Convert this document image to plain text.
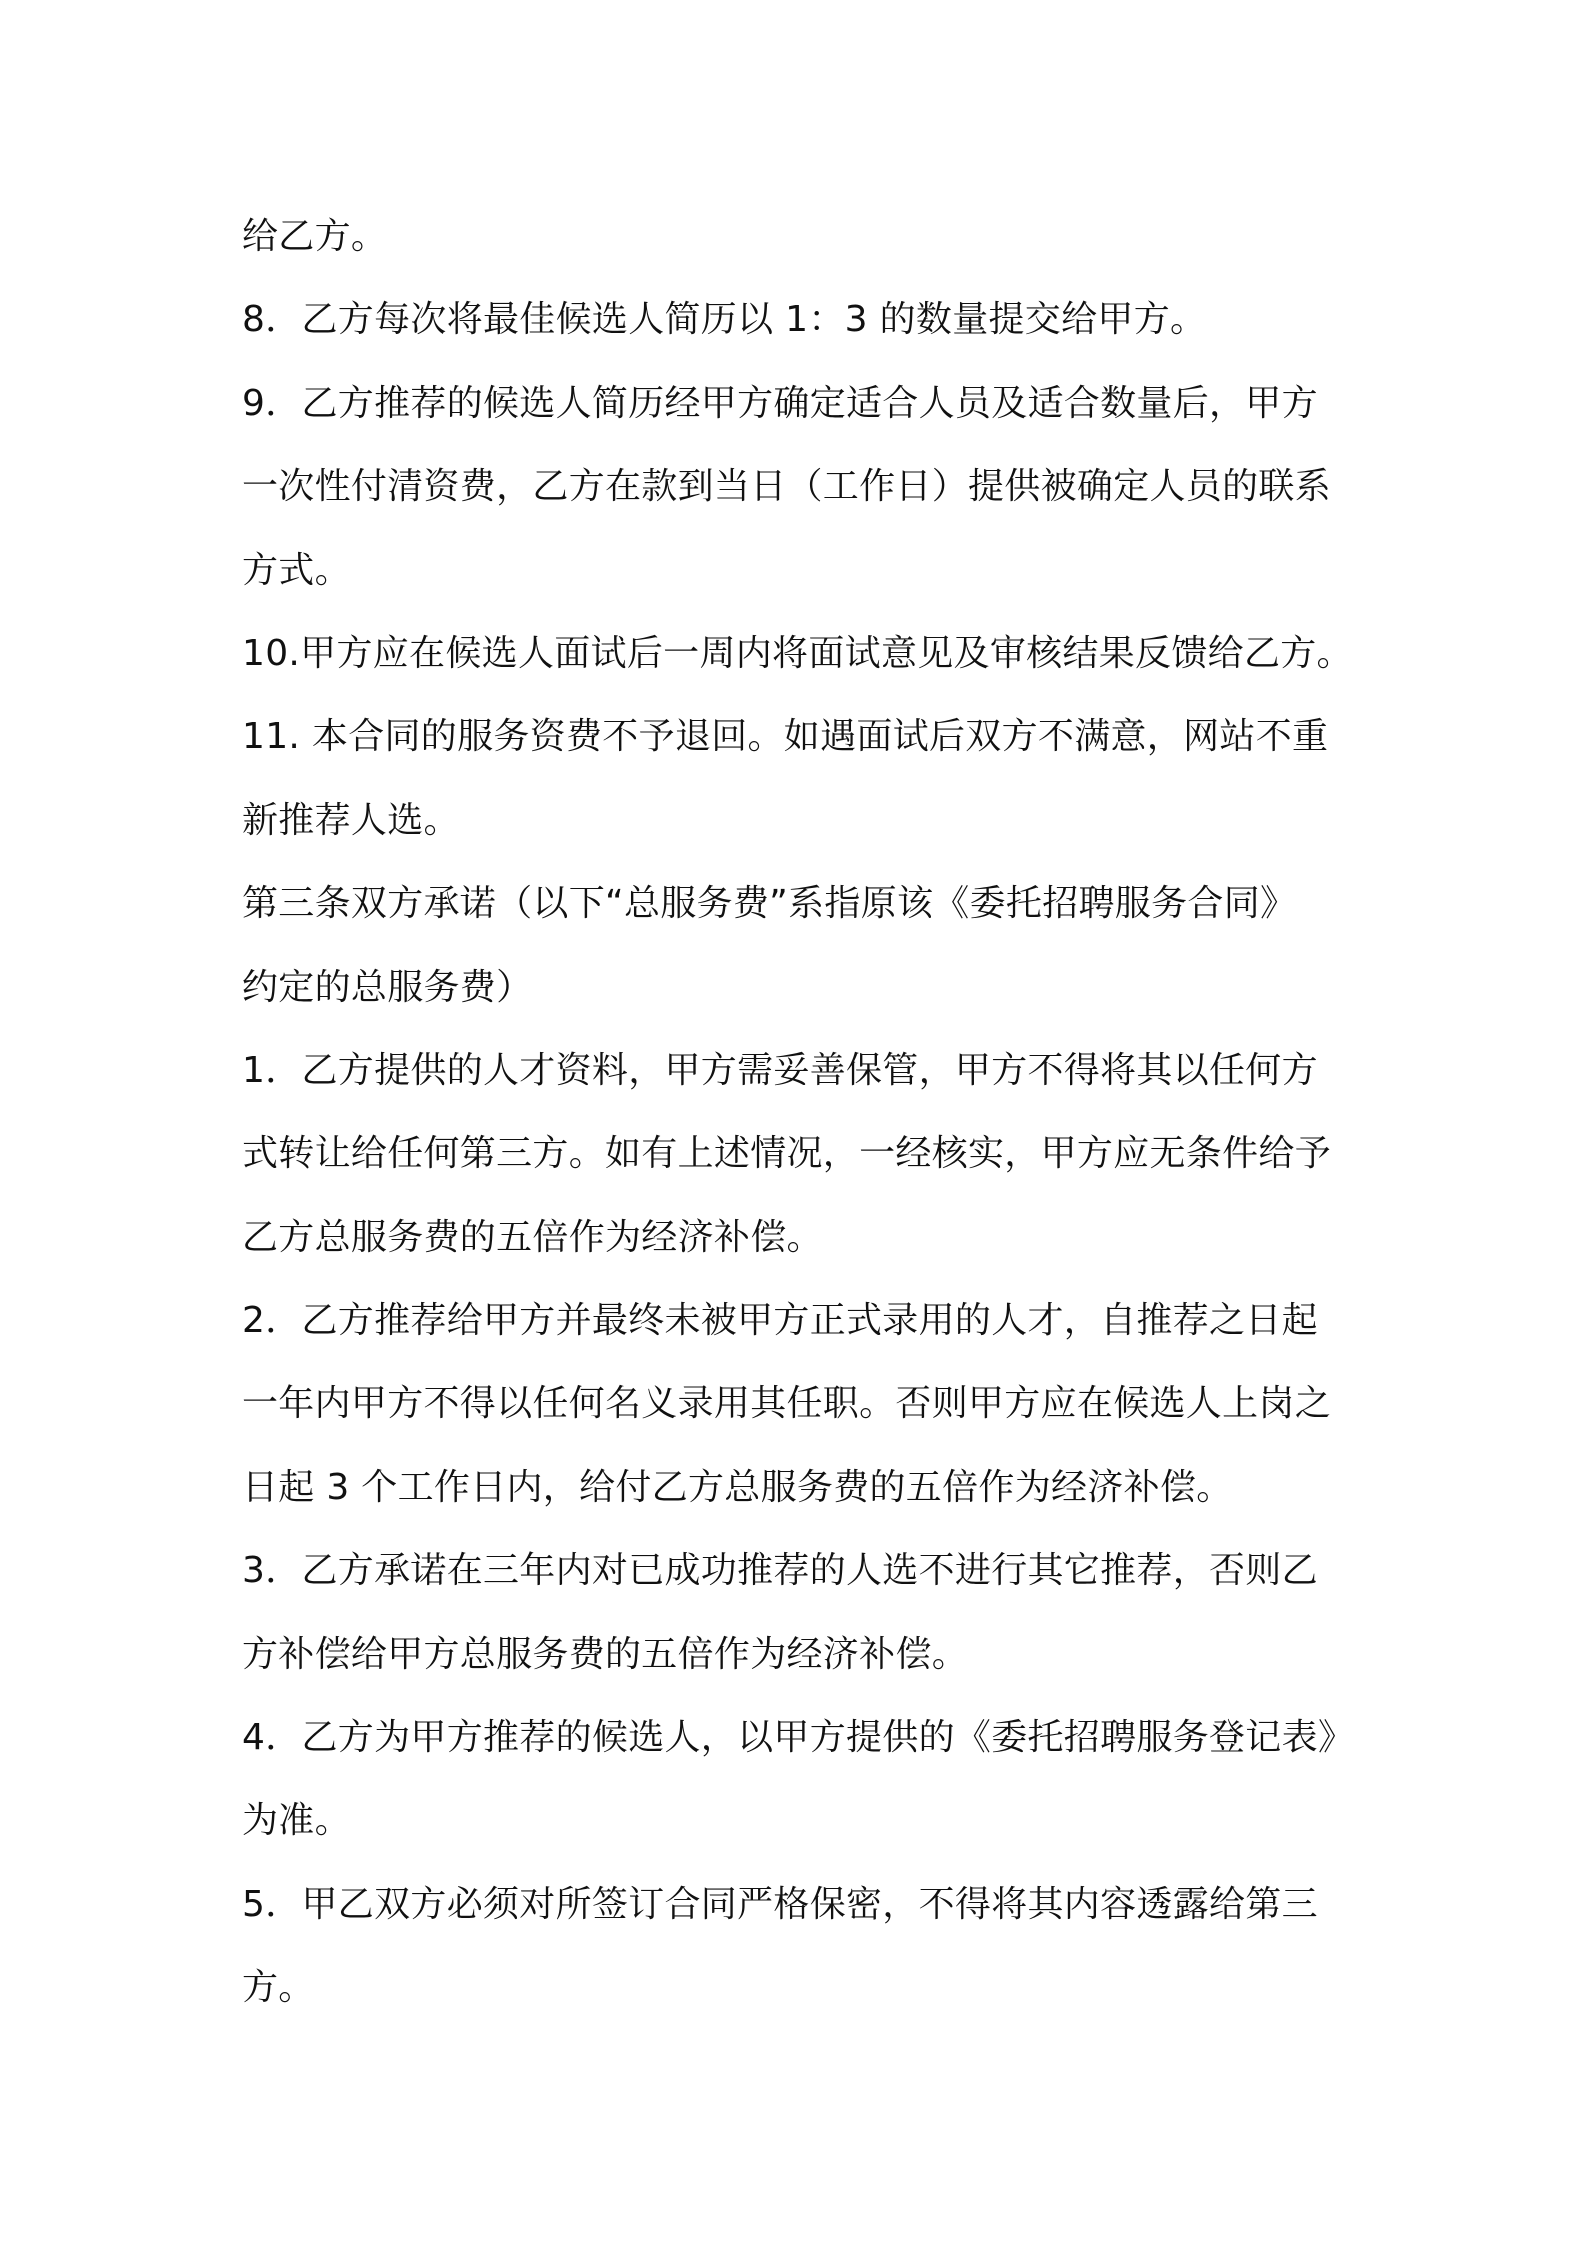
给乙方。
8．乙方每次将最佳候选人简历以 1：3 的数量提交给甲方。
9．乙方推荐的候选人简历经甲方确定适合人员及适合数量后，甲方
一次性付清资费，乙方在款到当日（工作日）提供被确定人员的联系
方式。
10.甲方应在候选人面试后一周内将面试意见及审核结果反馈给乙方。
11. 本合同的服务资费不予退回。如遇面试后双方不满意，网站不重
新推荐人选。
第三条双方承诺（以下“总服务费”系指原该《委托招聘服务合同》
约定的总服务费）
1．乙方提供的人才资料，甲方需妥善保管，甲方不得将其以任何方
式转让给任何第三方。如有上述情况，一经核实，甲方应无条件给予
乙方总服务费的五倍作为经济补偿。
2．乙方推荐给甲方并最终未被甲方正式录用的人才，自推荐之日起
一年内甲方不得以任何名义录用其任职。否则甲方应在候选人上岗之
日起 3 个工作日内，给付乙方总服务费的五倍作为经济补偿。
3．乙方承诺在三年内对已成功推荐的人选不进行其它推荐，否则乙
方补偿给甲方总服务费的五倍作为经济补偿。
4．乙方为甲方推荐的候选人，以甲方提供的《委托招聘服务登记表》
为准。
5．甲乙双方必须对所签订合同严格保密，不得将其内容透露给第三
方。
